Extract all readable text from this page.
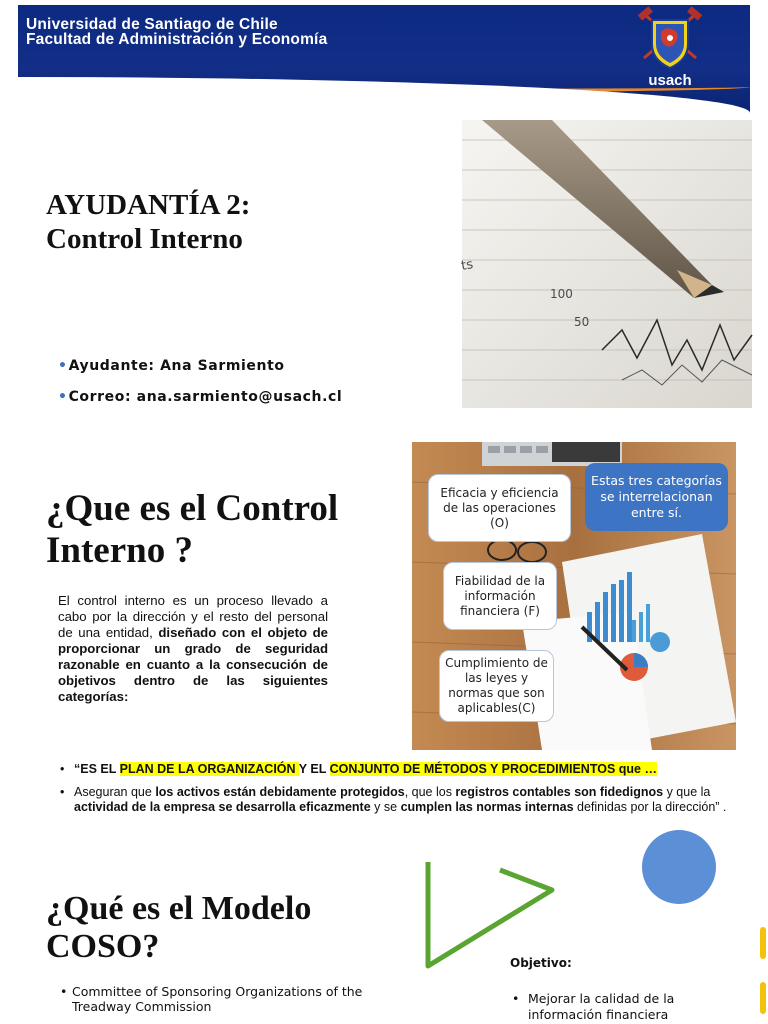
Universidad de Santiago de Chile
Facultad de Administración y Economía
usach
AYUDANTÍA 2:
Control Interno
•Ayudante: Ana Sarmiento
•Correo: ana.sarmiento@usach.cl
ts
100
50
¿Que es el Control
Interno ?
El control interno es un proceso llevado a cabo por la dirección y el resto del personal de una entidad, diseñado con el objeto de proporcionar un grado de seguridad razonable en cuanto a la consecución de objetivos dentro de las siguientes categorías:
Eficacia y eficiencia de las operaciones (O)
Estas tres categorías se interrelacionan entre sí.
Fiabilidad de la información financiera (F)
Cumplimiento de las leyes y normas que son aplicables(C)
• “ES EL PLAN DE LA ORGANIZACIÓN Y EL CONJUNTO DE MÉTODOS Y PROCEDIMIENTOS que …
• Aseguran que los activos están debidamente protegidos, que los registros contables son fidedignos y que la actividad de la empresa se desarrolla eficazmente y se cumplen las normas internas definidas por la dirección” .
¿Qué es el Modelo
COSO?
• Committee of Sponsoring Organizations of the Treadway Commission
Objetivo:
• Mejorar la calidad de la información financiera
